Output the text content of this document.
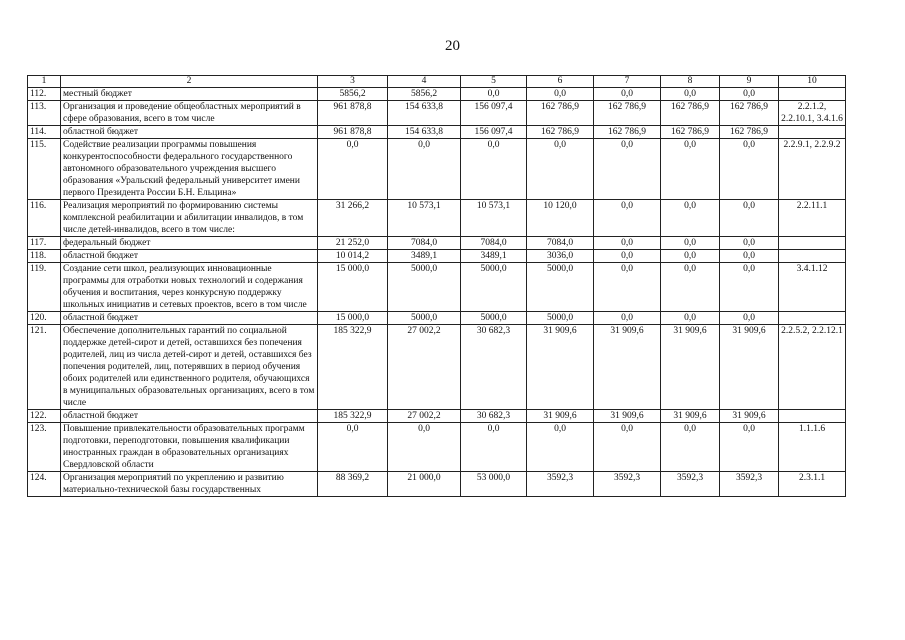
20
1	2	3	4	5	6	7	8	9	10
112.	местный бюджет	5856,2	5856,2	0,0	0,0	0,0	0,0	0,0	
113.	Организация и проведение общеобластных мероприятий в сфере образования, всего в том числе	961 878,8	154 633,8	156 097,4	162 786,9	162 786,9	162 786,9	162 786,9	2.2.1.2, 2.2.10.1, 3.4.1.6
114.	областной бюджет	961 878,8	154 633,8	156 097,4	162 786,9	162 786,9	162 786,9	162 786,9	
115.	Содействие реализации программы повышения конкурентоспособности федерального государственного автономного образовательного учреждения высшего образования «Уральский федеральный университет имени первого Президента России Б.Н. Ельцина»	0,0	0,0	0,0	0,0	0,0	0,0	0,0	2.2.9.1, 2.2.9.2
116.	Реализация мероприятий по формированию системы комплексной реабилитации и абилитации инвалидов, в том числе детей-инвалидов, всего в том числе:	31 266,2	10 573,1	10 573,1	10 120,0	0,0	0,0	0,0	2.2.11.1
117.	федеральный бюджет	21 252,0	7084,0	7084,0	7084,0	0,0	0,0	0,0	
118.	областной бюджет	10 014,2	3489,1	3489,1	3036,0	0,0	0,0	0,0	
119.	Создание сети школ, реализующих инновационные программы для отработки новых технологий и содержания обучения и воспитания, через конкурсную поддержку школьных инициатив и сетевых проектов, всего в том числе	15 000,0	5000,0	5000,0	5000,0	0,0	0,0	0,0	3.4.1.12
120.	областной бюджет	15 000,0	5000,0	5000,0	5000,0	0,0	0,0	0,0	
121.	Обеспечение дополнительных гарантий по социальной поддержке детей-сирот и детей, оставшихся без попечения родителей, лиц из числа детей-сирот и детей, оставшихся без попечения родителей, лиц, потерявших в период обучения обоих родителей или единственного родителя, обучающихся в муниципальных образовательных организациях, всего в том числе	185 322,9	27 002,2	30 682,3	31 909,6	31 909,6	31 909,6	31 909,6	2.2.5.2, 2.2.12.1
122.	областной бюджет	185 322,9	27 002,2	30 682,3	31 909,6	31 909,6	31 909,6	31 909,6	
123.	Повышение привлекательности образовательных программ подготовки, переподготовки, повышения квалификации иностранных граждан в образовательных организациях Свердловской области	0,0	0,0	0,0	0,0	0,0	0,0	0,0	1.1.1.6
124.	Организация мероприятий по укреплению и развитию материально-технической базы государственных	88 369,2	21 000,0	53 000,0	3592,3	3592,3	3592,3	3592,3	2.3.1.1
